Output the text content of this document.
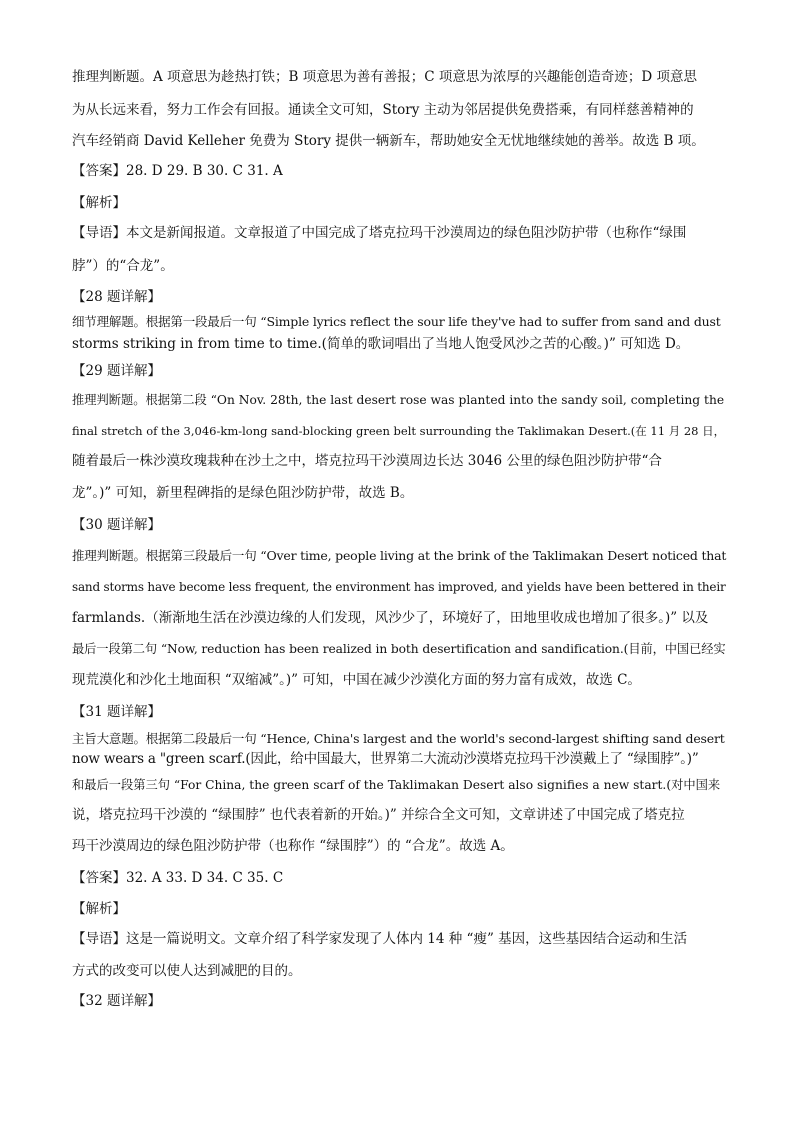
推理判断题。A 项意思为趁热打铁；B 项意思为善有善报；C 项意思为浓厚的兴趣能创造奇迹；D 项意思
为从长远来看，努力工作会有回报。通读全文可知，Story 主动为邻居提供免费搭乘，有同样慈善精神的
汽车经销商 David Kelleher 免费为 Story 提供一辆新车，帮助她安全无忧地继续她的善举。故选 B 项。
【答案】28. D 29. B 30. C 31. A
【解析】
【导语】本文是新闻报道。文章报道了中国完成了塔克拉玛干沙漠周边的绿色阻沙防护带（也称作“绿围
脖”）的“合龙”。
【28 题详解】
细节理解题。根据第一段最后一句 “Simple lyrics reflect the sour life they've had to suffer from sand and dust
storms striking in from time to time.(简单的歌词唱出了当地人饱受风沙之苦的心酸。)” 可知选 D。
【29 题详解】
推理判断题。根据第二段 “On Nov. 28th, the last desert rose was planted into the sandy soil, completing the
final stretch of the 3,046-km-long sand-blocking green belt surrounding the Taklimakan Desert.(在 11 月 28 日，
随着最后一株沙漠玫瑰栽种在沙土之中，塔克拉玛干沙漠周边长达 3046 公里的绿色阻沙防护带“合
龙”。)” 可知，新里程碑指的是绿色阻沙防护带，故选 B。
【30 题详解】
推理判断题。根据第三段最后一句 “Over time, people living at the brink of the Taklimakan Desert noticed that
sand storms have become less frequent, the environment has improved, and yields have been bettered in their
farmlands.（渐渐地生活在沙漠边缘的人们发现，风沙少了，环境好了，田地里收成也增加了很多。)” 以及
最后一段第二句 “Now, reduction has been realized in both desertification and sandification.(目前，中国已经实
现荒漠化和沙化土地面积 “双缩减”。)” 可知，中国在减少沙漠化方面的努力富有成效，故选 C。
【31 题详解】
主旨大意题。根据第二段最后一句 “Hence, China's largest and the world's second-largest shifting sand desert
now wears a "green scarf.(因此，给中国最大，世界第二大流动沙漠塔克拉玛干沙漠戴上了 “绿围脖”。)”
和最后一段第三句 “For China, the green scarf of the Taklimakan Desert also signifies a new start.(对中国来
说，塔克拉玛干沙漠的 “绿围脖” 也代表着新的开始。)” 并综合全文可知，文章讲述了中国完成了塔克拉
玛干沙漠周边的绿色阻沙防护带（也称作 “绿围脖”）的 “合龙”。故选 A。
【答案】32. A 33. D 34. C 35. C
【解析】
【导语】这是一篇说明文。文章介绍了科学家发现了人体内 14 种 “瘦” 基因，这些基因结合运动和生活
方式的改变可以使人达到减肥的目的。
【32 题详解】
